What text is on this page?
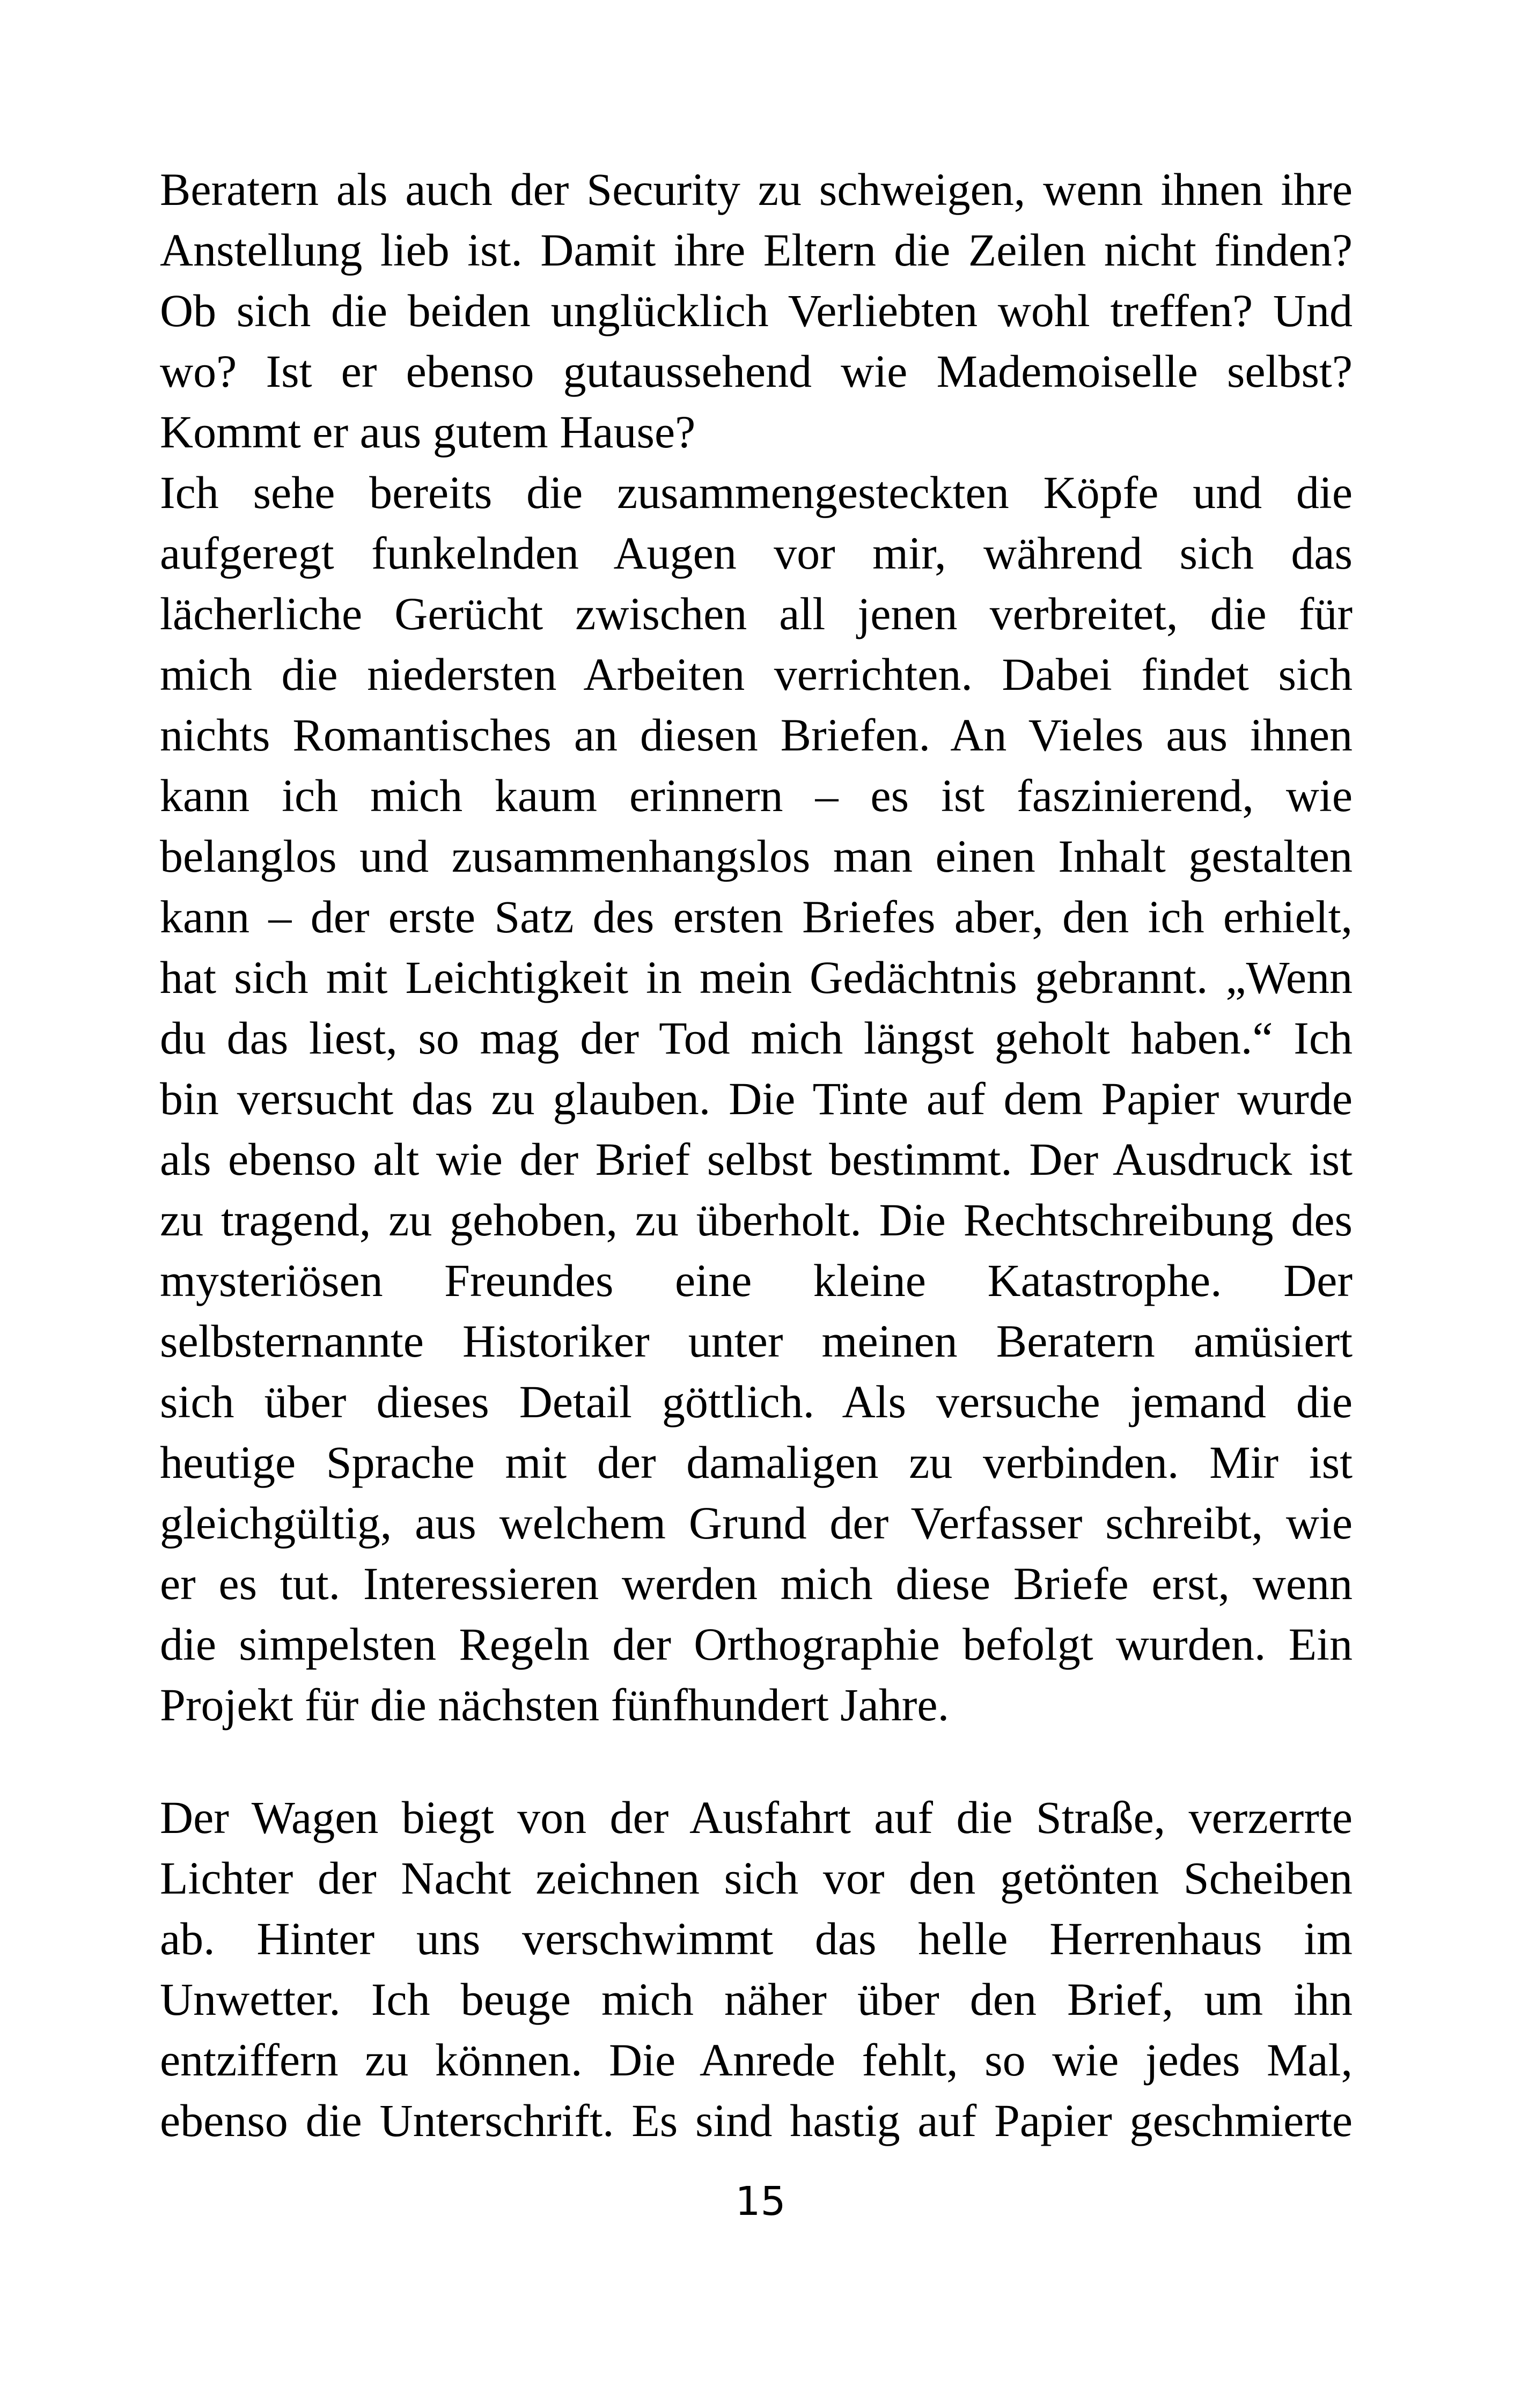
Beratern als auch der Security zu schweigen, wenn ihnen ihre
Anstellung lieb ist. Damit ihre Eltern die Zeilen nicht finden?
Ob sich die beiden unglücklich Verliebten wohl treffen? Und
wo? Ist er ebenso gutaussehend wie Mademoiselle selbst?
Kommt er aus gutem Hause?
Ich sehe bereits die zusammengesteckten Köpfe und die
aufgeregt funkelnden Augen vor mir, während sich das
lächerliche Gerücht zwischen all jenen verbreitet, die für
mich die niedersten Arbeiten verrichten. Dabei findet sich
nichts Romantisches an diesen Briefen. An Vieles aus ihnen
kann ich mich kaum erinnern – es ist faszinierend, wie
belanglos und zusammenhangslos man einen Inhalt gestalten
kann – der erste Satz des ersten Briefes aber, den ich erhielt,
hat sich mit Leichtigkeit in mein Gedächtnis gebrannt. „Wenn
du das liest, so mag der Tod mich längst geholt haben.“ Ich
bin versucht das zu glauben. Die Tinte auf dem Papier wurde
als ebenso alt wie der Brief selbst bestimmt. Der Ausdruck ist
zu tragend, zu gehoben, zu überholt. Die Rechtschreibung des
mysteriösen Freundes eine kleine Katastrophe. Der
selbsternannte Historiker unter meinen Beratern amüsiert
sich über dieses Detail göttlich. Als versuche jemand die
heutige Sprache mit der damaligen zu verbinden. Mir ist
gleichgültig, aus welchem Grund der Verfasser schreibt, wie
er es tut. Interessieren werden mich diese Briefe erst, wenn
die simpelsten Regeln der Orthographie befolgt wurden. Ein
Projekt für die nächsten fünfhundert Jahre.
Der Wagen biegt von der Ausfahrt auf die Straße, verzerrte
Lichter der Nacht zeichnen sich vor den getönten Scheiben
ab. Hinter uns verschwimmt das helle Herrenhaus im
Unwetter. Ich beuge mich näher über den Brief, um ihn
entziffern zu können. Die Anrede fehlt, so wie jedes Mal,
ebenso die Unterschrift. Es sind hastig auf Papier geschmierte
15
